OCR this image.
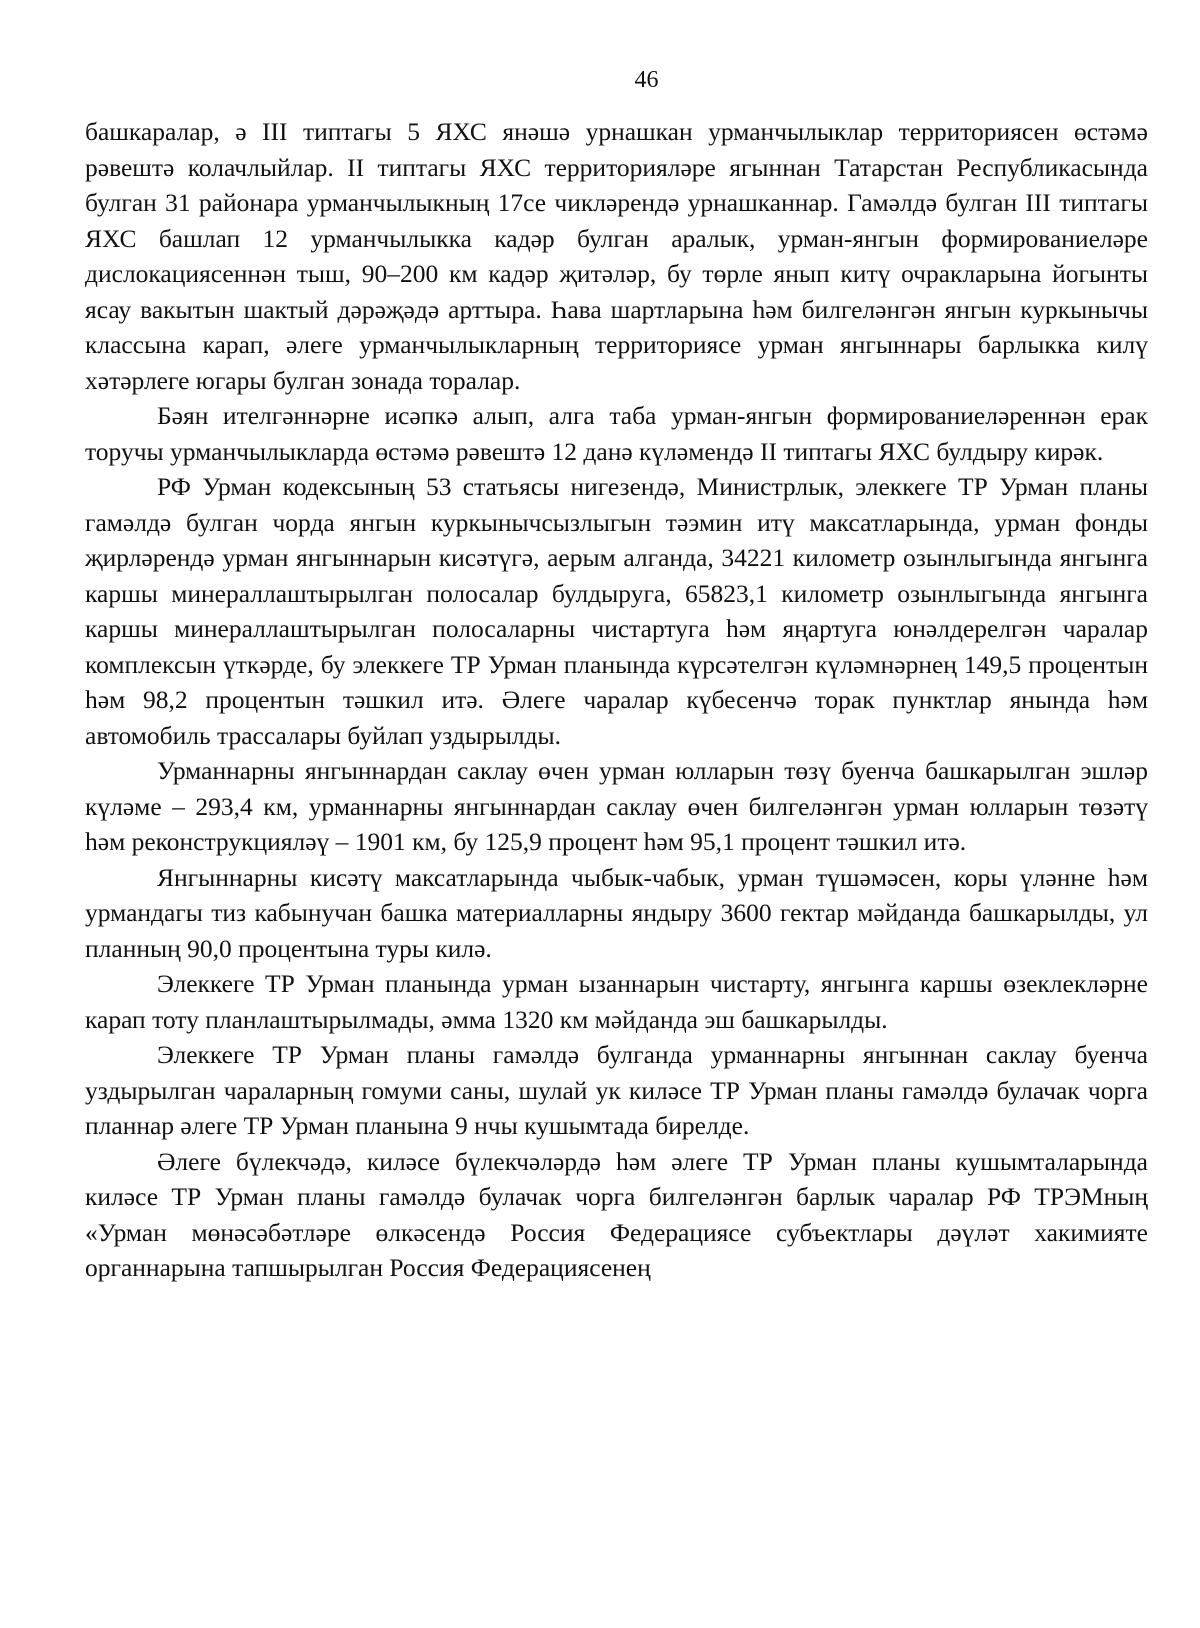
46

башкаралар, ә III типтагы 5 ЯХС янәшә урнашкан урманчылыклар территориясен өстәмә рәвештә колачлыйлар. II типтагы ЯХС территорияләре ягыннан Татарстан Республикасында булган 31 районара урманчылыкның 17се чикләрендә урнашканнар. Гамәлдә булган III типтагы ЯХС башлап 12 урманчылыкка кадәр булган аралык, урман-янгын формированиеләре дислокациясеннән тыш, 90–200 км кадәр җитәләр, бу төрле янып китү очракларына йогынты ясау вакытын шактый дәрәҗәдә арттыра. Һава шартларына һәм билгеләнгән янгын куркынычы классына карап, әлеге урманчылыкларның территориясе урман янгыннары барлыкка килү хәтәрлеге югары булган зонада торалар.

Бәян ителгәннәрне исәпкә алып, алга таба урман-янгын формированиеләреннән ерак торучы урманчылыкларда өстәмә рәвештә 12 данә күләмендә II типтагы ЯХС булдыру кирәк.

РФ Урман кодексының 53 статьясы нигезендә, Министрлык, элеккеге ТР Урман планы гамәлдә булган чорда янгын куркынычсызлыгын тәэмин итү максатларында, урман фонды җирләрендә урман янгыннарын кисәтүгә, аерым алганда, 34221 километр озынлыгында янгынга каршы минераллаштырылган полосалар булдыруга, 65823,1 километр озынлыгында янгынга каршы минераллаштырылган полосаларны чистартуга һәм яңартуга юнәлдерелгән чаралар комплексын үткәрде, бу элеккеге ТР Урман планында күрсәтелгән күләмнәрнең 149,5 процентын һәм 98,2 процентын тәшкил итә. Әлеге чаралар күбесенчә торак пунктлар янында һәм автомобиль трассалары буйлап уздырылды.

Урманнарны янгыннардан саклау өчен урман юлларын төзү буенча башкарылган эшләр күләме – 293,4 км, урманнарны янгыннардан саклау өчен билгеләнгән урман юлларын төзәтү һәм реконструкцияләү – 1901 км, бу 125,9 процент һәм 95,1 процент тәшкил итә.

Янгыннарны кисәтү максатларында чыбык-чабык, урман түшәмәсен, коры үләнне һәм урмандагы тиз кабынучан башка материалларны яндыру 3600 гектар мәйданда башкарылды, ул планның 90,0 процентына туры килә.

Элеккеге ТР Урман планында урман ызаннарын чистарту, янгынга каршы өзеклекләрне карап тоту планлаштырылмады, әмма 1320 км мәйданда эш башкарылды.

Элеккеге ТР Урман планы гамәлдә булганда урманнарны янгыннан саклау буенча уздырылган чараларның гомуми саны, шулай ук киләсе ТР Урман планы гамәлдә булачак чорга планнар әлеге ТР Урман планына 9 нчы кушымтада бирелде.

Әлеге бүлекчәдә, киләсе бүлекчәләрдә һәм әлеге ТР Урман планы кушымталарында киләсе ТР Урман планы гамәлдә булачак чорга билгеләнгән барлык чаралар РФ ТРЭМның «Урман мөнәсәбәтләре өлкәсендә Россия Федерациясе субъектлары дәүләт хакимияте органнарына тапшырылган Россия Федерациясенең
